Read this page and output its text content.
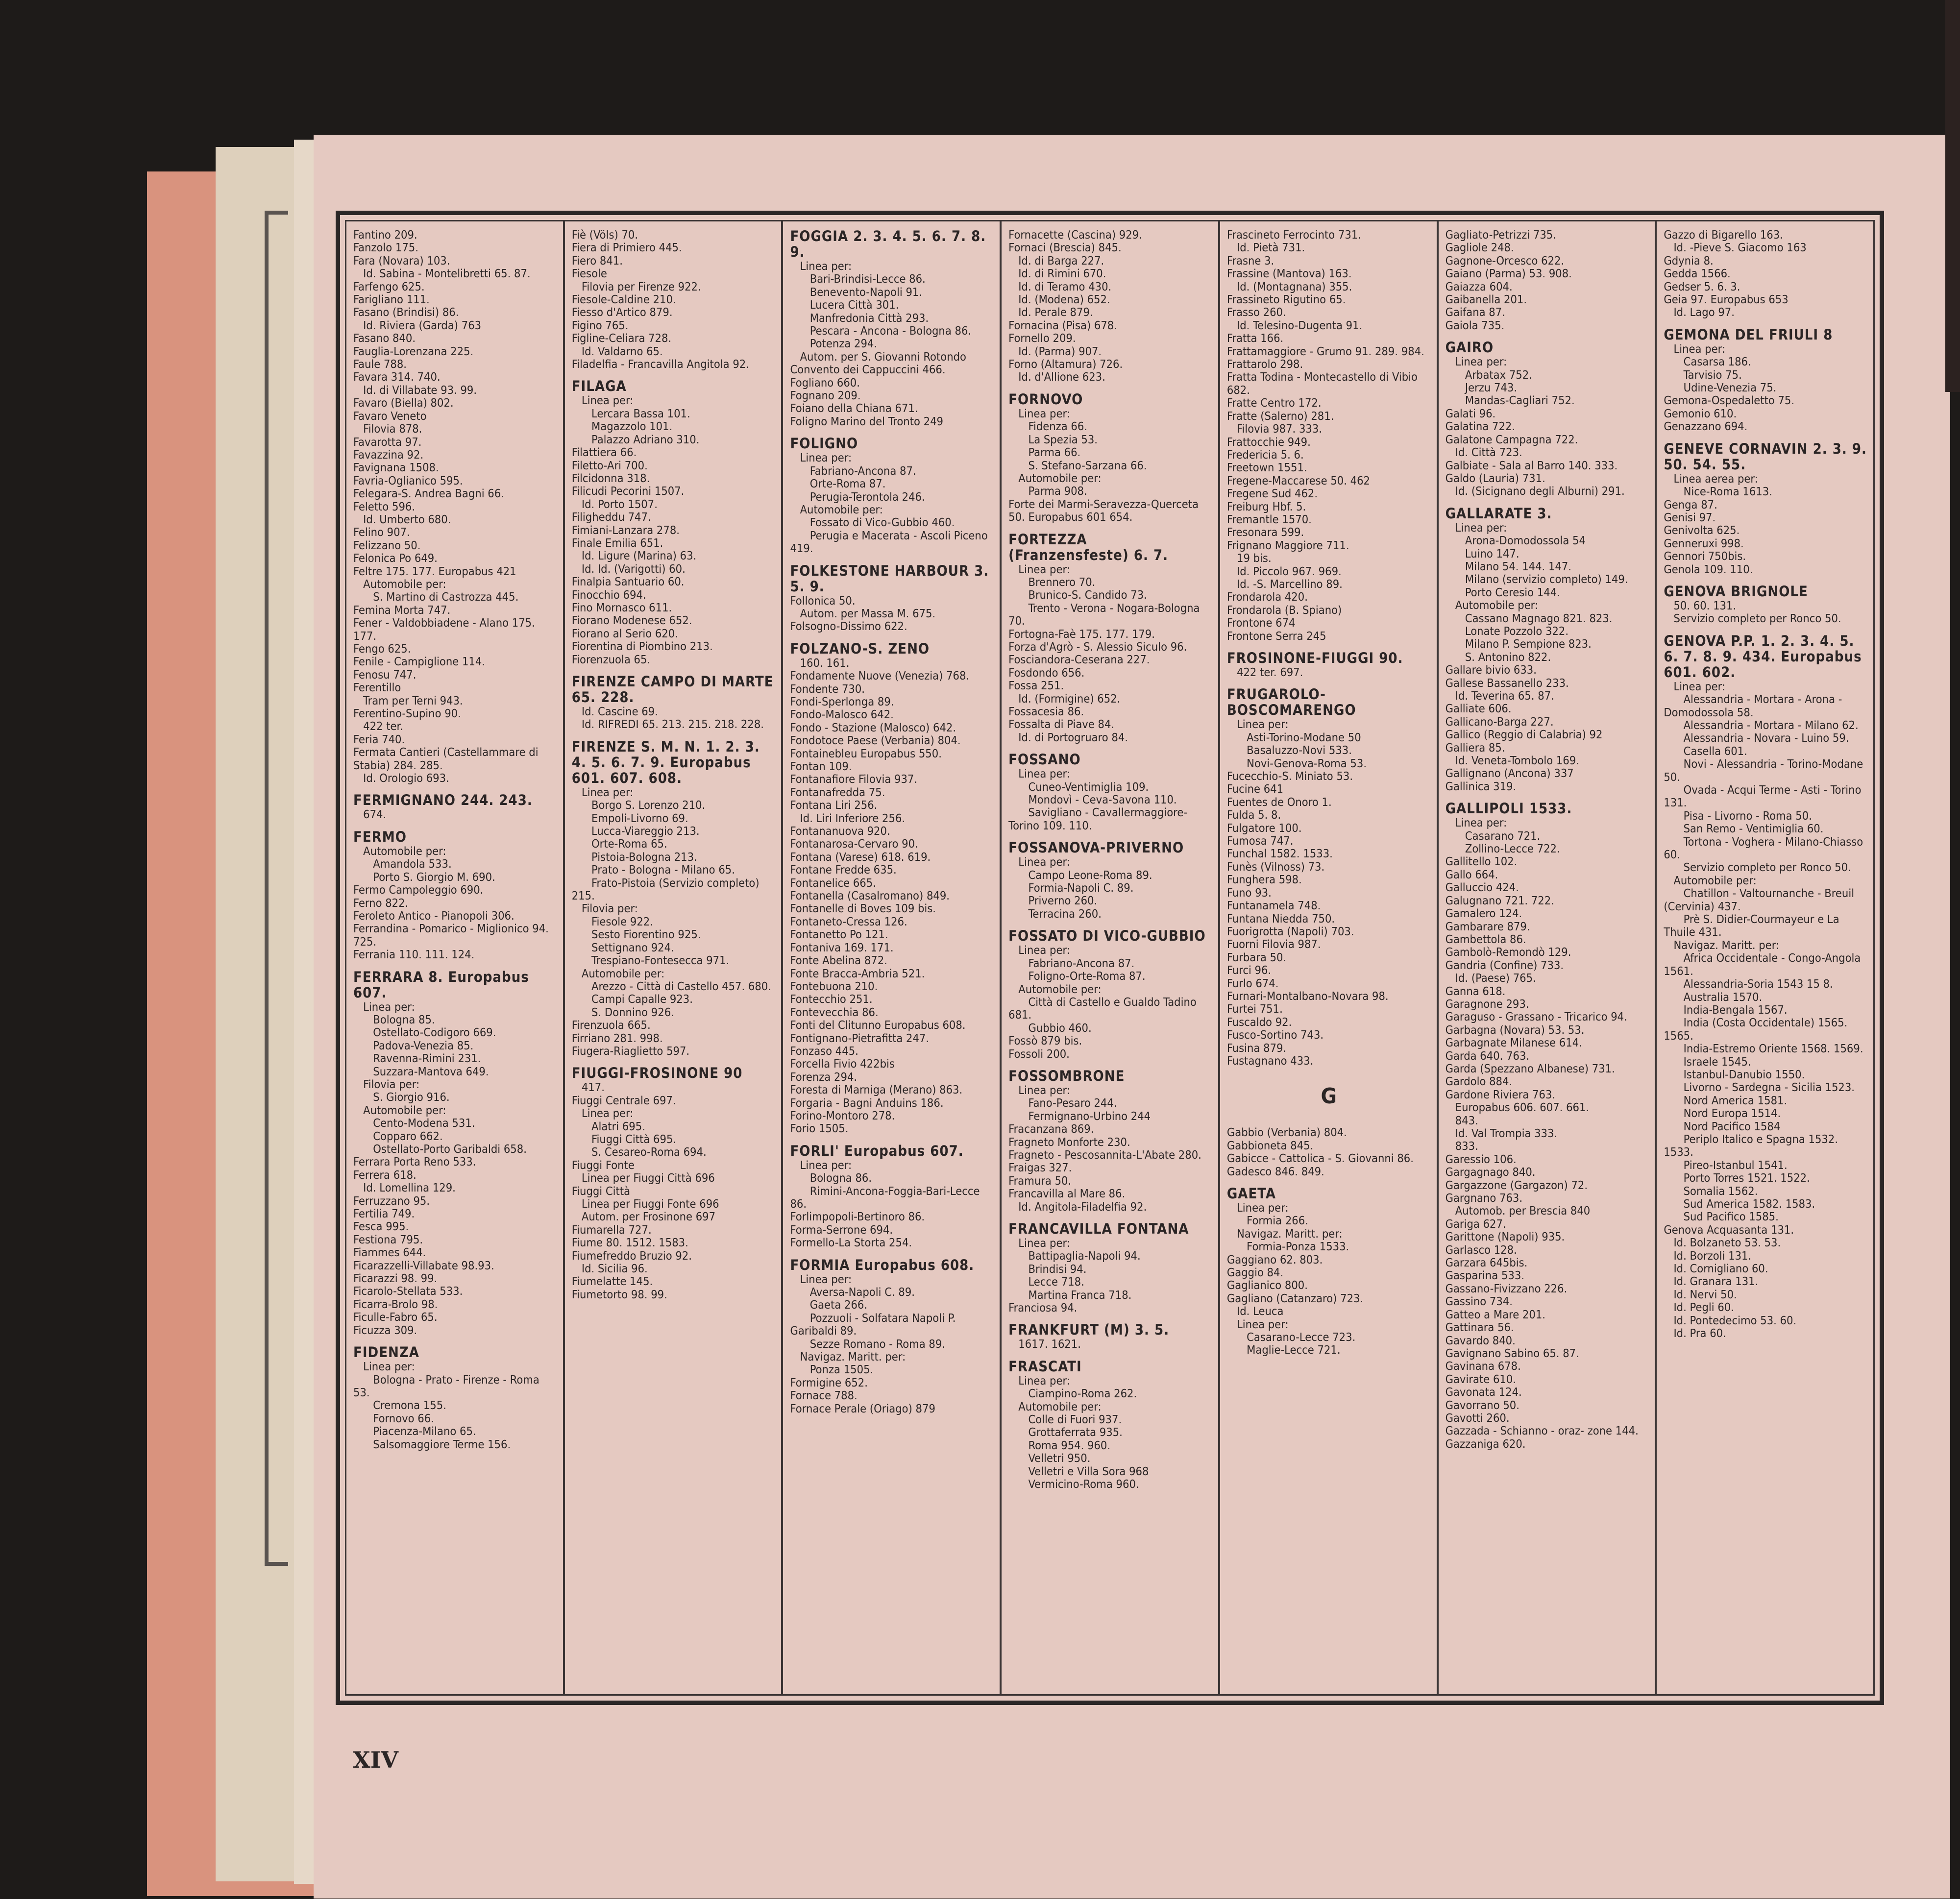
Fantino 209.
Fanzolo 175.
Fara (Novara) 103.
Id. Sabina - Montelibretti 65. 87.
Farfengo 625.
Farigliano 111.
Fasano (Brindisi) 86.
Id. Riviera (Garda) 763
Fasano 840.
Fauglia-Lorenzana 225.
Faule 788.
Favara 314. 740.
Id. di Villabate 93. 99.
Favaro (Biella) 802.
Favaro Veneto
Filovia 878.
Favarotta 97.
Favazzina 92.
Favignana 1508.
Favria-Oglianico 595.
Felegara-S. Andrea Bagni 66.
Feletto 596.
Id. Umberto 680.
Felino 907.
Felizzano 50.
Felonica Po 649.
Feltre 175. 177. Europabus 421
Automobile per:
S. Martino di Castrozza 445.
Femina Morta 747.
Fener - Valdobbiadene - Alano 175. 177.
Fengo 625.
Fenile - Campiglione 114.
Fenosu 747.
Ferentillo
Tram per Terni 943.
Ferentino-Supino 90.
422 ter.
Feria 740.
Fermata Cantieri (Castellammare di Stabia) 284. 285.
Id. Orologio 693.
FERMIGNANO 244. 243.
674.
FERMO
Automobile per:
Amandola 533.
Porto S. Giorgio M. 690.
Fermo Campoleggio 690.
Ferno 822.
Feroleto Antico - Pianopoli 306.
Ferrandina - Pomarico - Miglionico 94. 725.
Ferrania 110. 111. 124.
FERRARA 8. Europabus 607.
Linea per:
Bologna 85.
Ostellato-Codigoro 669.
Padova-Venezia 85.
Ravenna-Rimini 231.
Suzzara-Mantova 649.
Filovia per:
S. Giorgio 916.
Automobile per:
Cento-Modena 531.
Copparo 662.
Ostellato-Porto Garibaldi 658.
Ferrara Porta Reno 533.
Ferrera 618.
Id. Lomellina 129.
Ferruzzano 95.
Fertilia 749.
Fesca 995.
Festiona 795.
Fiammes 644.
Ficarazzelli-Villabate 98.93.
Ficarazzi 98. 99.
Ficarolo-Stellata 533.
Ficarra-Brolo 98.
Ficulle-Fabro 65.
Ficuzza 309.
FIDENZA
Linea per:
Bologna - Prato - Firenze - Roma 53.
Cremona 155.
Fornovo 66.
Piacenza-Milano 65.
Salsomaggiore Terme 156.
Fiè (Völs) 70.
Fiera di Primiero 445.
Fiero 841.
Fiesole
Filovia per Firenze 922.
Fiesole-Caldine 210.
Fiesso d'Artico 879.
Figino 765.
Figline-Celiara 728.
Id. Valdarno 65.
Filadelfia - Francavilla Angitola 92.
FILAGA
Linea per:
Lercara Bassa 101.
Magazzolo 101.
Palazzo Adriano 310.
Filattiera 66.
Filetto-Ari 700.
Filcidonna 318.
Filicudi Pecorini 1507.
Id. Porto 1507.
Filigheddu 747.
Fimiani-Lanzara 278.
Finale Emilia 651.
Id. Ligure (Marina) 63.
Id. Id. (Varigotti) 60.
Finalpia Santuario 60.
Finocchio 694.
Fino Mornasco 611.
Fiorano Modenese 652.
Fiorano al Serio 620.
Fiorentina di Piombino 213.
Fiorenzuola 65.
FIRENZE CAMPO DI MARTE 65. 228.
Id. Cascine 69.
Id. RIFREDI 65. 213. 215. 218. 228.
FIRENZE S. M. N. 1. 2. 3. 4. 5. 6. 7. 9. Europabus 601. 607. 608.
Linea per:
Borgo S. Lorenzo 210.
Empoli-Livorno 69.
Lucca-Viareggio 213.
Orte-Roma 65.
Pistoia-Bologna 213.
Prato - Bologna - Milano 65.
Frato-Pistoia (Servizio completo) 215.
Filovia per:
Fiesole 922.
Sesto Fiorentino 925.
Settignano 924.
Trespiano-Fontesecca 971.
Automobile per:
Arezzo - Città di Castello 457. 680.
Campi Capalle 923.
S. Donnino 926.
Firenzuola 665.
Firriano 281. 998.
Fiugera-Riaglietto 597.
FIUGGI-FROSINONE 90
417.
Fiuggi Centrale 697.
Linea per:
Alatri 695.
Fiuggi Città 695.
S. Cesareo-Roma 694.
Fiuggi Fonte
Linea per Fiuggi Città 696
Fiuggi Città
Linea per Fiuggi Fonte 696
Autom. per Frosinone 697
Fiumarella 727.
Fiume 80. 1512. 1583.
Fiumefreddo Bruzio 92.
Id. Sicilia 96.
Fiumelatte 145.
Fiumetorto 98. 99.
FOGGIA 2. 3. 4. 5. 6. 7. 8. 9.
Linea per:
Bari-Brindisi-Lecce 86.
Benevento-Napoli 91.
Lucera Città 301.
Manfredonia Città 293.
Pescara - Ancona - Bologna 86.
Potenza 294.
Autom. per S. Giovanni Rotondo Convento dei Cappuccini 466.
Fogliano 660.
Fognano 209.
Foiano della Chiana 671.
Foligno Marino del Tronto 249
FOLIGNO
Linea per:
Fabriano-Ancona 87.
Orte-Roma 87.
Perugia-Terontola 246.
Automobile per:
Fossato di Vico-Gubbio 460.
Perugia e Macerata - Ascoli Piceno 419.
FOLKESTONE HARBOUR 3. 5. 9.
Follonica 50.
Autom. per Massa M. 675.
Folsogno-Dissimo 622.
FOLZANO-S. ZENO
160. 161.
Fondamente Nuove (Venezia) 768.
Fondente 730.
Fondi-Sperlonga 89.
Fondo-Malosco 642.
Fondo - Stazione (Malosco) 642.
Fondotoce Paese (Verbania) 804.
Fontainebleu Europabus 550.
Fontan 109.
Fontanafiore Filovia 937.
Fontanafredda 75.
Fontana Liri 256.
Id. Liri Inferiore 256.
Fontananuova 920.
Fontanarosa-Cervaro 90.
Fontana (Varese) 618. 619.
Fontane Fredde 635.
Fontanelice 665.
Fontanella (Casalromano) 849.
Fontanelle di Boves 109 bis.
Fontaneto-Cressa 126.
Fontanetto Po 121.
Fontaniva 169. 171.
Fonte Abelina 872.
Fonte Bracca-Ambria 521.
Fontebuona 210.
Fontecchio 251.
Fontevecchia 86.
Fonti del Clitunno Europabus 608.
Fontignano-Pietrafitta 247.
Fonzaso 445.
Forcella Fivio 422bis
Forenza 294.
Foresta di Marniga (Merano) 863.
Forgaria - Bagni Anduins 186.
Forino-Montoro 278.
Forio 1505.
FORLI' Europabus 607.
Linea per:
Bologna 86.
Rimini-Ancona-Foggia-Bari-Lecce 86.
Forlimpopoli-Bertinoro 86.
Forma-Serrone 694.
Formello-La Storta 254.
FORMIA Europabus 608.
Linea per:
Aversa-Napoli C. 89.
Gaeta 266.
Pozzuoli - Solfatara Napoli P. Garibaldi 89.
Sezze Romano - Roma 89.
Navigaz. Maritt. per:
Ponza 1505.
Formigine 652.
Fornace 788.
Fornace Perale (Oriago) 879
Fornacette (Cascina) 929.
Fornaci (Brescia) 845.
Id. di Barga 227.
Id. di Rimini 670.
Id. di Teramo 430.
Id. (Modena) 652.
Id. Perale 879.
Fornacina (Pisa) 678.
Fornello 209.
Id. (Parma) 907.
Forno (Altamura) 726.
Id. d'Allione 623.
FORNOVO
Linea per:
Fidenza 66.
La Spezia 53.
Parma 66.
S. Stefano-Sarzana 66.
Automobile per:
Parma 908.
Forte dei Marmi-Seravezza-Querceta 50. Europabus 601 654.
FORTEZZA (Franzensfeste) 6. 7.
Linea per:
Brennero 70.
Brunico-S. Candido 73.
Trento - Verona - Nogara-Bologna 70.
Fortogna-Faè 175. 177. 179.
Forza d'Agrò - S. Alessio Siculo 96.
Fosciandora-Ceserana 227.
Fosdondo 656.
Fossa 251.
Id. (Formigine) 652.
Fossacesia 86.
Fossalta di Piave 84.
Id. di Portogruaro 84.
FOSSANO
Linea per:
Cuneo-Ventimiglia 109.
Mondovì - Ceva-Savona 110.
Savigliano - Cavallermaggiore-Torino 109. 110.
FOSSANOVA-PRIVERNO
Linea per:
Campo Leone-Roma 89.
Formia-Napoli C. 89.
Priverno 260.
Terracina 260.
FOSSATO DI VICO-GUBBIO
Linea per:
Fabriano-Ancona 87.
Foligno-Orte-Roma 87.
Automobile per:
Città di Castello e Gualdo Tadino 681.
Gubbio 460.
Fossò 879 bis.
Fossoli 200.
FOSSOMBRONE
Linea per:
Fano-Pesaro 244.
Fermignano-Urbino 244
Fracanzana 869.
Fragneto Monforte 230.
Fragneto - Pescosannita-L'Abate 280.
Fraigas 327.
Framura 50.
Francavilla al Mare 86.
Id. Angitola-Filadelfia 92.
FRANCAVILLA FONTANA
Linea per:
Battipaglia-Napoli 94.
Brindisi 94.
Lecce 718.
Martina Franca 718.
Franciosa 94.
FRANKFURT (M) 3. 5.
1617. 1621.
FRASCATI
Linea per:
Ciampino-Roma 262.
Automobile per:
Colle di Fuori 937.
Grottaferrata 935.
Roma 954. 960.
Velletri 950.
Velletri e Villa Sora 968
Vermicino-Roma 960.
Frascineto Ferrocinto 731.
Id. Pietà 731.
Frasne 3.
Frassine (Mantova) 163.
Id. (Montagnana) 355.
Frassineto Rigutino 65.
Frasso 260.
Id. Telesino-Dugenta 91.
Fratta 166.
Frattamaggiore - Grumo 91. 289. 984.
Frattarolo 298.
Fratta Todina - Montecastello di Vibio 682.
Fratte Centro 172.
Fratte (Salerno) 281.
Filovia 987. 333.
Frattocchie 949.
Fredericia 5. 6.
Freetown 1551.
Fregene-Maccarese 50. 462
Fregene Sud 462.
Freiburg Hbf. 5.
Fremantle 1570.
Fresonara 599.
Frignano Maggiore 711.
19 bis.
Id. Piccolo 967. 969.
Id. -S. Marcellino 89.
Frondarola 420.
Frondarola (B. Spiano)
Frontone 674
Frontone Serra 245
FROSINONE-FIUGGI 90.
422 ter. 697.
FRUGAROLO-BOSCOMARENGO
Linea per:
Asti-Torino-Modane 50
Basaluzzo-Novi 533.
Novi-Genova-Roma 53.
Fucecchio-S. Miniato 53.
Fucine 641
Fuentes de Onoro 1.
Fulda 5. 8.
Fulgatore 100.
Fumosa 747.
Funchal 1582. 1533.
Funès (Vilnoss) 73.
Funghera 598.
Funo 93.
Funtanamela 748.
Funtana Niedda 750.
Fuorigrotta (Napoli) 703.
Fuorni Filovia 987.
Furbara 50.
Furci 96.
Furlo 674.
Furnari-Montalbano-Novara 98.
Furtei 751.
Fuscaldo 92.
Fusco-Sortino 743.
Fusina 879.
Fustagnano 433.
G
Gabbio (Verbania) 804.
Gabbioneta 845.
Gabicce - Cattolica - S. Giovanni 86.
Gadesco 846. 849.
GAETA
Linea per:
Formia 266.
Navigaz. Maritt. per:
Formia-Ponza 1533.
Gaggiano 62. 803.
Gaggio 84.
Gaglianico 800.
Gagliano (Catanzaro) 723.
Id. Leuca
Linea per:
Casarano-Lecce 723.
Maglie-Lecce 721.
Gagliato-Petrizzi 735.
Gagliole 248.
Gagnone-Orcesco 622.
Gaiano (Parma) 53. 908.
Gaiazza 604.
Gaibanella 201.
Gaifana 87.
Gaiola 735.
GAIRO
Linea per:
Arbatax 752.
Jerzu 743.
Mandas-Cagliari 752.
Galati 96.
Galatina 722.
Galatone Campagna 722.
Id. Città 723.
Galbiate - Sala al Barro 140. 333.
Galdo (Lauria) 731.
Id. (Sicignano degli Alburni) 291.
GALLARATE 3.
Linea per:
Arona-Domodossola 54
Luino 147.
Milano 54. 144. 147.
Milano (servizio completo) 149.
Porto Ceresio 144.
Automobile per:
Cassano Magnago 821. 823.
Lonate Pozzolo 322.
Milano P. Sempione 823.
S. Antonino 822.
Gallare bivio 633.
Gallese Bassanello 233.
Id. Teverina 65. 87.
Galliate 606.
Gallicano-Barga 227.
Gallico (Reggio di Calabria) 92
Galliera 85.
Id. Veneta-Tombolo 169.
Gallignano (Ancona) 337
Gallinica 319.
GALLIPOLI 1533.
Linea per:
Casarano 721.
Zollino-Lecce 722.
Gallitello 102.
Gallo 664.
Galluccio 424.
Galugnano 721. 722.
Gamalero 124.
Gambarare 879.
Gambettola 86.
Gambolò-Remondò 129.
Gandria (Confine) 733.
Id. (Paese) 765.
Ganna 618.
Garagnone 293.
Garaguso - Grassano - Tricarico 94.
Garbagna (Novara) 53. 53.
Garbagnate Milanese 614.
Garda 640. 763.
Garda (Spezzano Albanese) 731.
Gardolo 884.
Gardone Riviera 763.
Europabus 606. 607. 661.
843.
Id. Val Trompia 333.
833.
Garessio 106.
Gargagnago 840.
Gargazzone (Gargazon) 72.
Gargnano 763.
Automob. per Brescia 840
Gariga 627.
Garittone (Napoli) 935.
Garlasco 128.
Garzara 645bis.
Gasparina 533.
Gassano-Fivizzano 226.
Gassino 734.
Gatteo a Mare 201.
Gattinara 56.
Gavardo 840.
Gavignano Sabino 65. 87.
Gavinana 678.
Gavirate 610.
Gavonata 124.
Gavorrano 50.
Gavotti 260.
Gazzada - Schianno - oraz- zone 144.
Gazzaniga 620.
Gazzo di Bigarello 163.
Id. -Pieve S. Giacomo 163
Gdynia 8.
Gedda 1566.
Gedser 5. 6. 3.
Geia 97. Europabus 653
Id. Lago 97.
GEMONA DEL FRIULI 8
Linea per:
Casarsa 186.
Tarvisio 75.
Udine-Venezia 75.
Gemona-Ospedaletto 75.
Gemonio 610.
Genazzano 694.
GENEVE CORNAVIN 2. 3. 9. 50. 54. 55.
Linea aerea per:
Nice-Roma 1613.
Genga 87.
Genisi 97.
Genivolta 625.
Genneruxi 998.
Gennori 750bis.
Genola 109. 110.
GENOVA BRIGNOLE
50. 60. 131.
Servizio completo per Ronco 50.
GENOVA P.P. 1. 2. 3. 4. 5. 6. 7. 8. 9. 434. Europabus 601. 602.
Linea per:
Alessandria - Mortara - Arona - Domodossola 58.
Alessandria - Mortara - Milano 62.
Alessandria - Novara - Luino 59.
Casella 601.
Novi - Alessandria - Torino-Modane 50.
Ovada - Acqui Terme - Asti - Torino 131.
Pisa - Livorno - Roma 50.
San Remo - Ventimiglia 60.
Tortona - Voghera - Milano-Chiasso 60.
Servizio completo per Ronco 50.
Automobile per:
Chatillon - Valtournanche - Breuil (Cervinia) 437.
Prè S. Didier-Courmayeur e La Thuile 431.
Navigaz. Maritt. per:
Africa Occidentale - Congo-Angola 1561.
Alessandria-Soria 1543 15 8.
Australia 1570.
India-Bengala 1567.
India (Costa Occidentale) 1565. 1565.
India-Estremo Oriente 1568. 1569.
Israele 1545.
Istanbul-Danubio 1550.
Livorno - Sardegna - Sicilia 1523.
Nord America 1581.
Nord Europa 1514.
Nord Pacifico 1584
Periplo Italico e Spagna 1532. 1533.
Pireo-Istanbul 1541.
Porto Torres 1521. 1522.
Somalia 1562.
Sud America 1582. 1583.
Sud Pacifico 1585.
Genova Acquasanta 131.
Id. Bolzaneto 53. 53.
Id. Borzoli 131.
Id. Cornigliano 60.
Id. Granara 131.
Id. Nervi 50.
Id. Pegli 60.
Id. Pontedecimo 53. 60.
Id. Pra 60.
XIV
